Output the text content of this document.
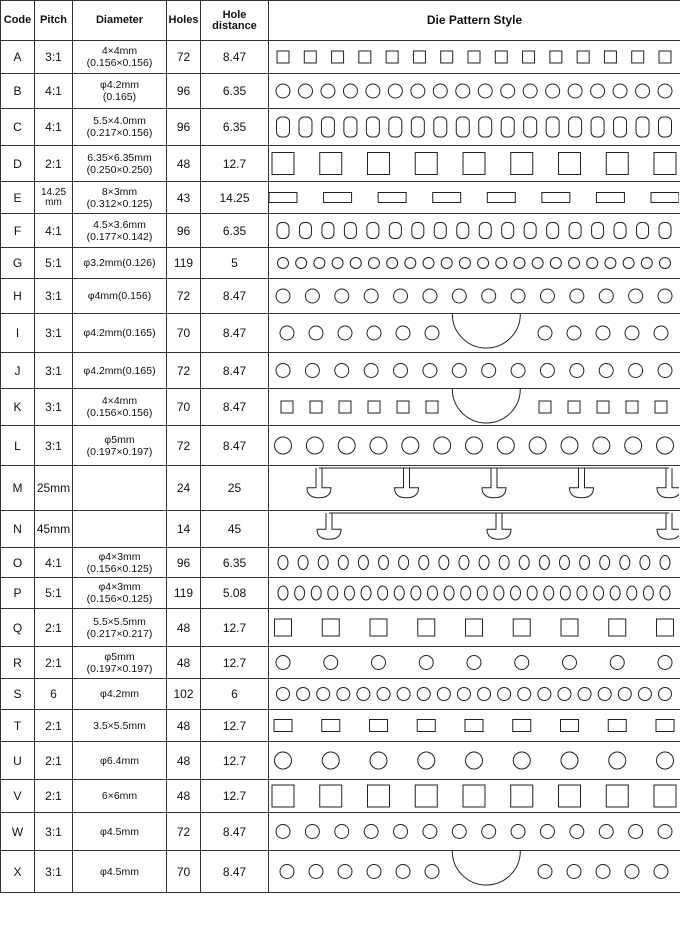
Code	Pitch	Diameter	Holes	Hole
distance	Die Pattern Style
A	3:1	4×4mm
(0.156×0.156)	72	8.47	

B	4:1	φ4.2mm
(0.165)	96	6.35	

C	4:1	5.5×4.0mm
(0.217×0.156)	96	6.35	

D	2:1	6.35×6.35mm
(0.250×0.250)	48	12.7	

E	14.25 mm	8×3mm
(0.312×0.125)	43	14.25	

F	4:1	4.5×3.6mm
(0.177×0.142)	96	6.35	

G	5:1	φ3.2mm(0.126)	119	5	

H	3:1	φ4mm(0.156)	72	8.47	

I	3:1	φ4.2mm(0.165)	70	8.47	

J	3:1	φ4.2mm(0.165)	72	8.47	

K	3:1	4×4mm
(0.156×0.156)	70	8.47	

L	3:1	φ5mm
(0.197×0.197)	72	8.47	

M	25mm		24	25	

N	45mm		14	45	

O	4:1	φ4×3mm
(0.156×0.125)	96	6.35	

P	5:1	φ4×3mm
(0.156×0.125)	119	5.08	

Q	2:1	5.5×5.5mm
(0.217×0.217)	48	12.7	

R	2:1	φ5mm
(0.197×0.197)	48	12.7	

S	6	φ4.2mm	102	6	

T	2:1	3.5×5.5mm	48	12.7	

U	2:1	φ6.4mm	48	12.7	

V	2:1	6×6mm	48	12.7	

W	3:1	φ4.5mm	72	8.47	

X	3:1	φ4.5mm	70	8.47	
